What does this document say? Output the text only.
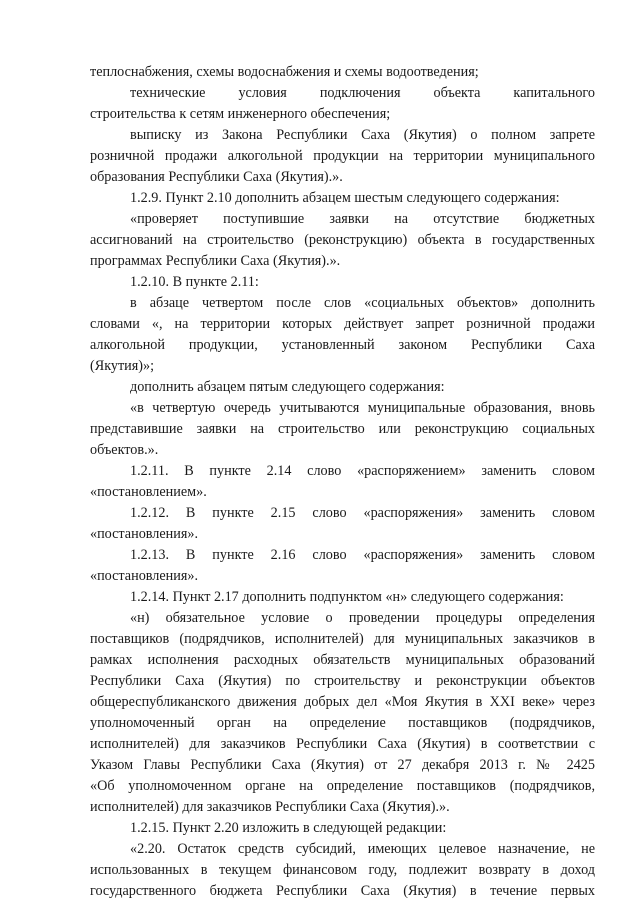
теплоснабжения, схемы водоснабжения и схемы водоотведения;
технические условия подключения объекта капитального
строительства к сетям инженерного обеспечения;
выписку из Закона Республики Саха (Якутия) о полном запрете
розничной продажи алкогольной продукции на территории муниципального
образования Республики Саха (Якутия).».
1.2.9. Пункт 2.10 дополнить абзацем шестым следующего содержания:
«проверяет поступившие заявки на отсутствие бюджетных
ассигнований на строительство (реконструкцию) объекта в государственных
программах Республики Саха (Якутия).».
1.2.10. В пункте 2.11:
в абзаце четвертом после слов «социальных объектов» дополнить
словами «, на территории которых действует запрет розничной продажи
алкогольной продукции, установленный законом Республики Саха
(Якутия)»;
дополнить абзацем пятым следующего содержания:
«в четвертую очередь учитываются муниципальные образования, вновь
представившие заявки на строительство или реконструкцию социальных
объектов.».
1.2.11. В пункте 2.14 слово «распоряжением» заменить словом
«постановлением».
1.2.12. В пункте 2.15 слово «распоряжения» заменить словом
«постановления».
1.2.13. В пункте 2.16 слово «распоряжения» заменить словом
«постановления».
1.2.14. Пункт 2.17 дополнить подпунктом «н» следующего содержания:
«н) обязательное условие о проведении процедуры определения
поставщиков (подрядчиков, исполнителей) для муниципальных заказчиков в
рамках исполнения расходных обязательств муниципальных образований
Республики Саха (Якутия) по строительству и реконструкции объектов
общереспубликанского движения добрых дел «Моя Якутия в XXI веке» через
уполномоченный орган на определение поставщиков (подрядчиков,
исполнителей) для заказчиков Республики Саха (Якутия) в соответствии с
Указом Главы Республики Саха (Якутия) от 27 декабря 2013 г. № 2425
«Об уполномоченном органе на определение поставщиков (подрядчиков,
исполнителей) для заказчиков Республики Саха (Якутия).».
1.2.15. Пункт 2.20 изложить в следующей редакции:
«2.20. Остаток средств субсидий, имеющих целевое назначение, не
использованных в текущем финансовом году, подлежит возврату в доход
государственного бюджета Республики Саха (Якутия) в течение первых
